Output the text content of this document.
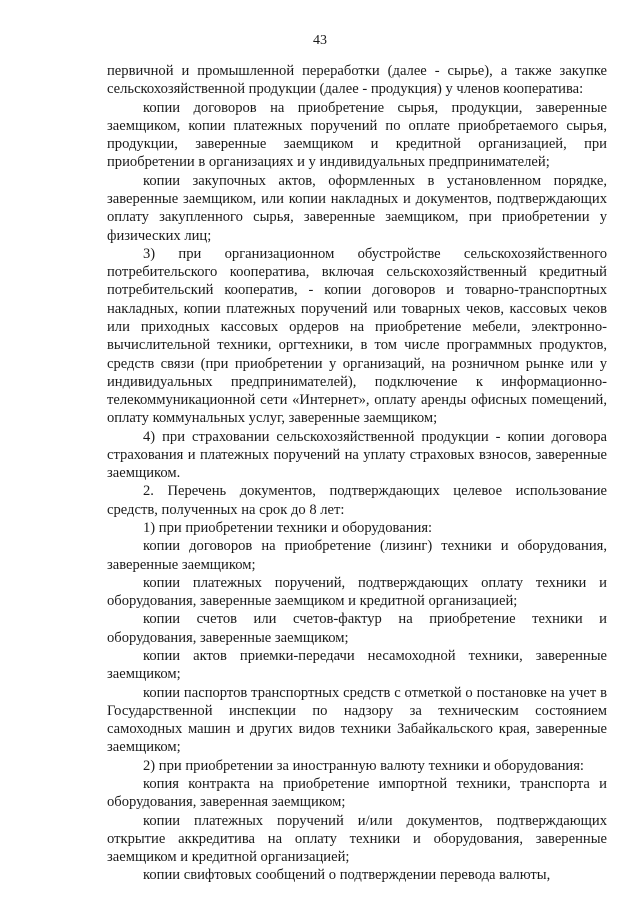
43

первичной и промышленной переработки (далее - сырье), а также закупке сельскохозяйственной продукции (далее - продукция) у членов кооператива:

копии договоров на приобретение сырья, продукции, заверенные заемщиком, копии платежных поручений по оплате приобретаемого сырья, продукции, заверенные заемщиком и кредитной организацией, при приобретении в организациях и у индивидуальных предпринимателей;

копии закупочных актов, оформленных в установленном порядке, заверенные заемщиком, или копии накладных и документов, подтверждающих оплату закупленного сырья, заверенные заемщиком, при приобретении у физических лиц;

3) при организационном обустройстве сельскохозяйственного потребительского кооператива, включая сельскохозяйственный кредитный потребительский кооператив, - копии договоров и товарно-транспортных накладных, копии платежных поручений или товарных чеков, кассовых чеков или приходных кассовых ордеров на приобретение мебели, электронно-вычислительной техники, оргтехники, в том числе программных продуктов, средств связи (при приобретении у организаций, на розничном рынке или у индивидуальных предпринимателей), подключение к информационно-телекоммуникационной сети «Интернет», оплату аренды офисных помещений, оплату коммунальных услуг, заверенные заемщиком;

4) при страховании сельскохозяйственной продукции - копии договора страхования и платежных поручений на уплату страховых взносов, заверенные заемщиком.

2. Перечень документов, подтверждающих целевое использование средств, полученных на срок до 8 лет:

1) при приобретении техники и оборудования:

копии договоров на приобретение (лизинг) техники и оборудования, заверенные заемщиком;

копии платежных поручений, подтверждающих оплату техники и оборудования, заверенные заемщиком и кредитной организацией;

копии счетов или счетов-фактур на приобретение техники и оборудования, заверенные заемщиком;

копии актов приемки-передачи несамоходной техники, заверенные заемщиком;

копии паспортов транспортных средств с отметкой о постановке на учет в Государственной инспекции по надзору за техническим состоянием самоходных машин и других видов техники Забайкальского края, заверенные заемщиком;

2) при приобретении за иностранную валюту техники и оборудования:

копия контракта на приобретение импортной техники, транспорта и оборудования, заверенная заемщиком;

копии платежных поручений и/или документов, подтверждающих открытие аккредитива на оплату техники и оборудования, заверенные заемщиком и кредитной организацией;

копии свифтовых сообщений о подтверждении перевода валюты,
